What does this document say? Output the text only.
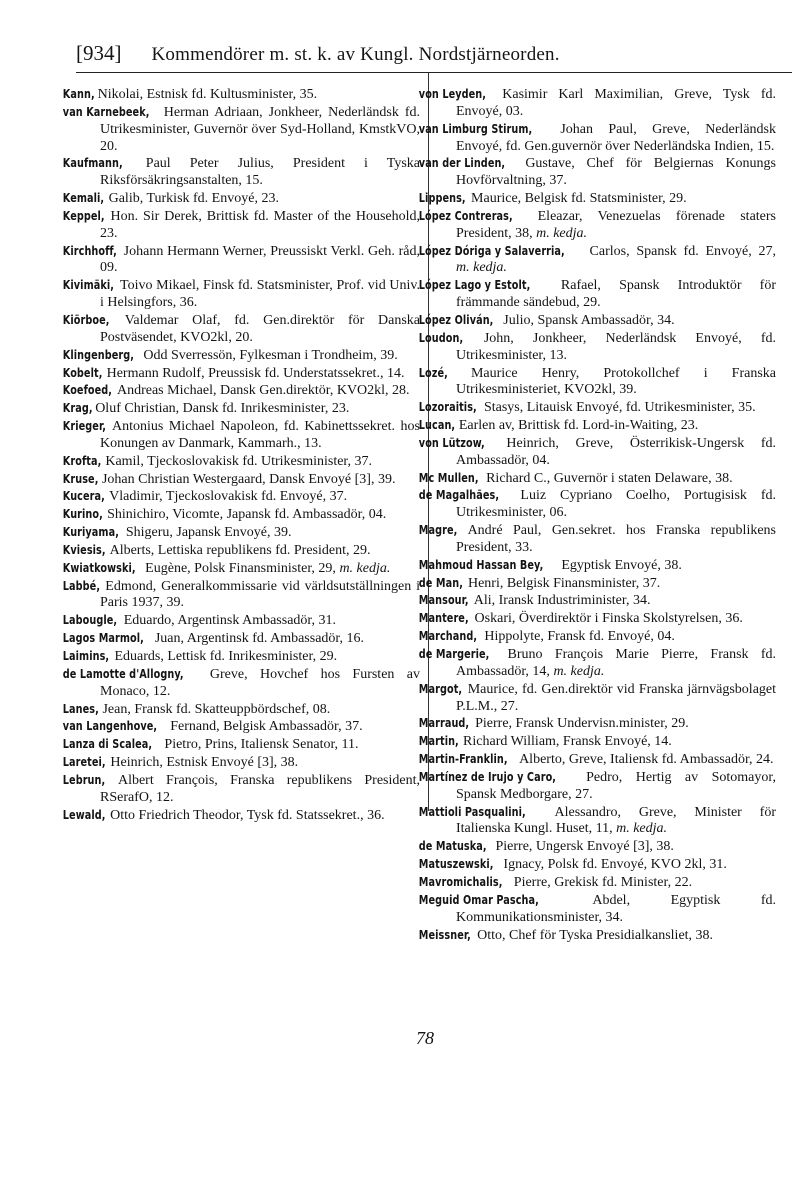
[934] Kommendörer m. st. k. av Kungl. Nordstjärneorden.

Kann, Nikolai, Estnisk fd. Kultusminister, 35.

van Karnebeek, Herman Adriaan, Jonkheer, Nederländsk fd. Utrikesminister, Guvernör över Syd-Holland, KmstkVO, 20.

Kaufmann, Paul Peter Julius, President i Tyska Riksförsäkringsanstalten, 15.

Kemali, Galib, Turkisk fd. Envoyé, 23.

Keppel, Hon. Sir Derek, Brittisk fd. Master of the Household, 23.

Kirchhoff, Johann Hermann Werner, Preussiskt Verkl. Geh. råd, 09.

Kivimäki, Toivo Mikael, Finsk fd. Statsminister, Prof. vid Univ. i Helsingfors, 36.

Kiörboe, Valdemar Olaf, fd. Gen.direktör för Danska Postväsendet, KVO2kl, 20.

Klingenberg, Odd Sverressön, Fylkesman i Trondheim, 39.

Kobelt, Hermann Rudolf, Preussisk fd. Understatssekret., 14.

Koefoed, Andreas Michael, Dansk Gen.direktör, KVO2kl, 28.

Krag, Oluf Christian, Dansk fd. Inrikesminister, 23.

Krieger, Antonius Michael Napoleon, fd. Kabinettssekret. hos Konungen av Danmark, Kammarh., 13.

Krofta, Kamil, Tjeckoslovakisk fd. Utrikesminister, 37.

Kruse, Johan Christian Westergaard, Dansk Envoyé [3], 39.

Kucera, Vladimir, Tjeckoslovakisk fd. Envoyé, 37.

Kurino, Shinichiro, Vicomte, Japansk fd. Ambassadör, 04.

Kuriyama, Shigeru, Japansk Envoyé, 39.

Kviesis, Alberts, Lettiska republikens fd. President, 29.

Kwiatkowski, Eugène, Polsk Finansminister, 29, m. kedja.

Labbé, Edmond, Generalkommissarie vid världsutställningen i Paris 1937, 39.

Labougle, Eduardo, Argentinsk Ambassadör, 31.

Lagos Marmol, Juan, Argentinsk fd. Ambassadör, 16.

Laimins, Eduards, Lettisk fd. Inrikesminister, 29.

de Lamotte d'Allogny, Greve, Hovchef hos Fursten av Monaco, 12.

Lanes, Jean, Fransk fd. Skatteuppbördschef, 08.

van Langenhove, Fernand, Belgisk Ambassadör, 37.

Lanza di Scalea, Pietro, Prins, Italiensk Senator, 11.

Laretei, Heinrich, Estnisk Envoyé [3], 38.

Lebrun, Albert François, Franska republikens President, RSerafO, 12.

Lewald, Otto Friedrich Theodor, Tysk fd. Statssekret., 36.

von Leyden, Kasimir Karl Maximilian, Greve, Tysk fd. Envoyé, 03.

van Limburg Stirum, Johan Paul, Greve, Nederländsk Envoyé, fd. Gen.guvernör över Nederländska Indien, 15.

van der Linden, Gustave, Chef för Belgiernas Konungs Hovförvaltning, 37.

Lippens, Maurice, Belgisk fd. Statsminister, 29.

López Contreras, Eleazar, Venezuelas förenade staters President, 38, m. kedja.

López Dóriga y Salaverria, Carlos, Spansk fd. Envoyé, 27, m. kedja.

López Lago y Estolt, Rafael, Spansk Introduktör för främmande sändebud, 29.

López Oliván, Julio, Spansk Ambassadör, 34.

Loudon, John, Jonkheer, Nederländsk Envoyé, fd. Utrikesminister, 13.

Lozé, Maurice Henry, Protokollchef i Franska Utrikesministeriet, KVO2kl, 39.

Lozoraitis, Stasys, Litauisk Envoyé, fd. Utrikesminister, 35.

Lucan, Earlen av, Brittisk fd. Lord-in-Waiting, 23.

von Lützow, Heinrich, Greve, Österrikisk-Ungersk fd. Ambassadör, 04.

Mc Mullen, Richard C., Guvernör i staten Delaware, 38.

de Magalhães, Luiz Cypriano Coelho, Portugisisk fd. Utrikesminister, 06.

Magre, André Paul, Gen.sekret. hos Franska republikens President, 33.

Mahmoud Hassan Bey, Egyptisk Envoyé, 38.

de Man, Henri, Belgisk Finansminister, 37.

Mansour, Ali, Iransk Industriminister, 34.

Mantere, Oskari, Överdirektör i Finska Skolstyrelsen, 36.

Marchand, Hippolyte, Fransk fd. Envoyé, 04.

de Margerie, Bruno François Marie Pierre, Fransk fd. Ambassadör, 14, m. kedja.

Margot, Maurice, fd. Gen.direktör vid Franska järnvägsbolaget P.L.M., 27.

Marraud, Pierre, Fransk Undervisn.minister, 29.

Martin, Richard William, Fransk Envoyé, 14.

Martin-Franklin, Alberto, Greve, Italiensk fd. Ambassadör, 24.

Martínez de Irujo y Caro, Pedro, Hertig av Sotomayor, Spansk Medborgare, 27.

Mattioli Pasqualini, Alessandro, Greve, Minister för Italienska Kungl. Huset, 11, m. kedja.

de Matuska, Pierre, Ungersk Envoyé [3], 38.

Matuszewski, Ignacy, Polsk fd. Envoyé, KVO 2kl, 31.

Mavromichalis, Pierre, Grekisk fd. Minister, 22.

Meguid Omar Pascha,	Abdel, Egyptisk fd. Kommunikationsminister, 34.

Meissner, Otto, Chef för Tyska Presidialkansliet, 38.

78
